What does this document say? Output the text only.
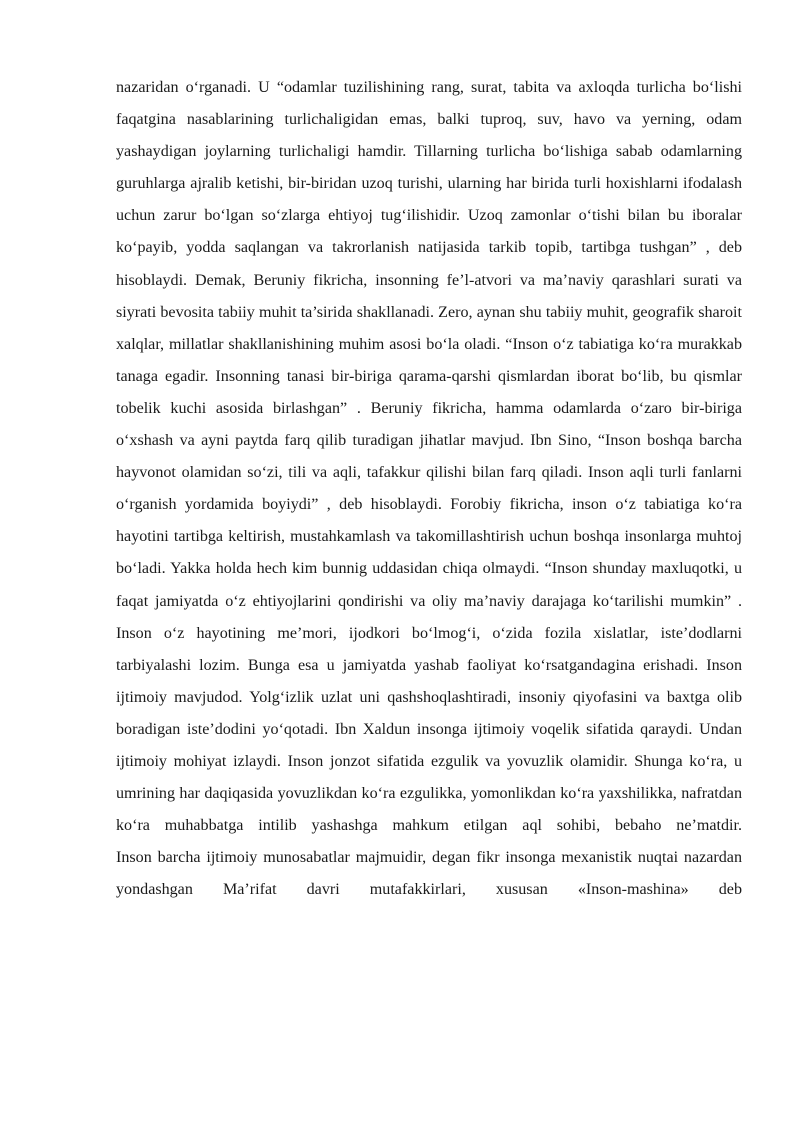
nazaridan oʻrganadi. U “odamlar tuzilishining rang, surat, tabita va axloqda turlicha boʻlishi faqatgina nasablarining turlichaligidan emas, balki tuproq, suv, havo va yerning, odam yashaydigan joylarning turlichaligi hamdir. Tillarning turlicha boʻlishiga sabab odamlarning guruhlarga ajralib ketishi, bir-biridan uzoq turishi, ularning har birida turli hoxishlarni ifodalash uchun zarur boʻlgan soʻzlarga ehtiyoj tugʻilishidir. Uzoq zamonlar oʻtishi bilan bu iboralar koʻpayib, yodda saqlangan va takrorlanish natijasida tarkib topib, tartibga tushgan” , deb hisoblaydi. Demak, Beruniy fikricha, insonning fe’l-atvori va ma’naviy qarashlari surati va siyrati bevosita tabiiy muhit ta’sirida shakllanadi. Zero, aynan shu tabiiy muhit, geografik sharoit xalqlar, millatlar shakllanishining muhim asosi boʻla oladi. “Inson oʻz tabiatiga koʻra murakkab tanaga egadir. Insonning tanasi bir-biriga qarama-qarshi qismlardan iborat boʻlib, bu qismlar tobelik kuchi asosida birlashgan” . Beruniy fikricha, hamma odamlarda oʻzaro bir-biriga oʻxshash va ayni paytda farq qilib turadigan jihatlar mavjud. Ibn Sino, “Inson boshqa barcha hayvonot olamidan soʻzi, tili va aqli, tafakkur qilishi bilan farq qiladi. Inson aqli turli fanlarni oʻrganish yordamida boyiydi” , deb hisoblaydi. Forobiy fikricha, inson oʻz tabiatiga koʻra hayotini tartibga keltirish, mustahkamlash va takomillashtirish uchun boshqa insonlarga muhtoj boʻladi. Yakka holda hech kim bunnig uddasidan chiqa olmaydi. “Inson shunday maxluqotki, u faqat jamiyatda oʻz ehtiyojlarini qondirishi va oliy ma’naviy darajaga koʻtarilishi mumkin” . Inson oʻz hayotining me’mori, ijodkori boʻlmogʻi, oʻzida fozila xislatlar, iste’dodlarni tarbiyalashi lozim. Bunga esa u jamiyatda yashab faoliyat koʻrsatgandagina erishadi. Inson ijtimoiy mavjudod. Yolgʻizlik uzlat uni qashshoqlashtiradi, insoniy qiyofasini va baxtga olib boradigan iste’dodini yoʻqotadi. Ibn Xaldun insonga ijtimoiy voqelik sifatida qaraydi. Undan ijtimoiy mohiyat izlaydi. Inson jonzot sifatida ezgulik va yovuzlik olamidir. Shunga koʻra, u umrining har daqiqasida yovuzlikdan koʻra ezgulikka, yomonlikdan koʻra yaxshilikka, nafratdan koʻra muhabbatga intilib yashashga mahkum etilgan aql sohibi, bebaho ne’matdir.

Inson barcha ijtimoiy munosabatlar majmuidir, degan fikr insonga mexanistik nuqtai nazardan yondashgan Ma’rifat davri mutafakkirlari, xususan «Inson-mashina» deb
